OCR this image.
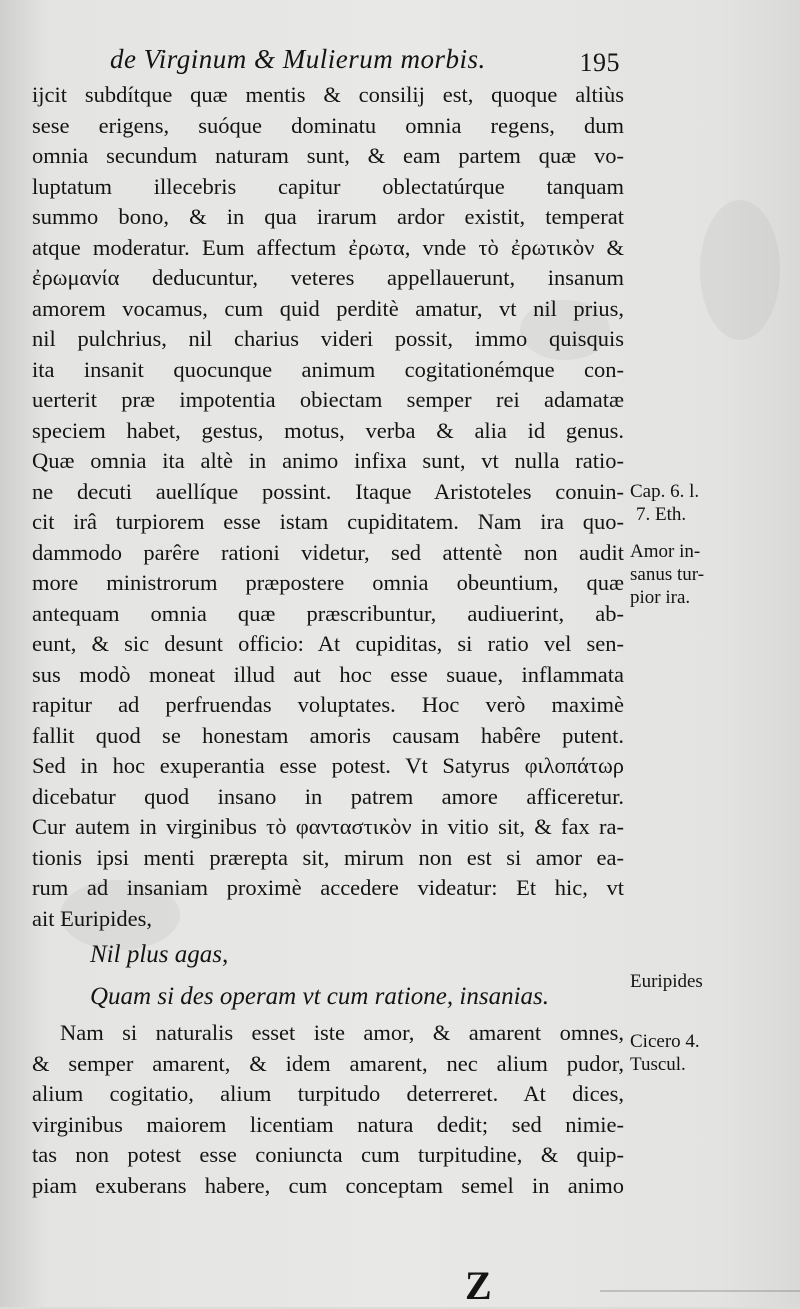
de Virginum & Mulierum morbis.	195
ijcit subdítque quæ mentis & consilij est, quoque altiùs
sese erigens, suóque dominatu omnia regens, dum
omnia secundum naturam sunt, & eam partem quæ vo-
luptatum illecebris capitur oblectatúrque tanquam
summo bono, & in qua irarum ardor existit, temperat
atque moderatur. Eum affectum ἐρωτα, vnde τὸ ἐρωτικὸν &
ἐρωμανία deducuntur, veteres appellauerunt, insanum
amorem vocamus, cum quid perditè amatur, vt nil prius,
nil pulchrius, nil charius videri possit, immo quisquis
ita insanit quocunque animum cogitationémque con-
uerterit præ impotentia obiectam semper rei adamatæ
speciem habet, gestus, motus, verba & alia id genus.
Quæ omnia ita altè in animo infixa sunt, vt nulla ratio-
ne decuti auellíque possint. Itaque Aristoteles conuin-
cit irâ turpiorem esse istam cupiditatem. Nam ira quo-
dammodo parêre rationi videtur, sed attentè non audit
more ministrorum præpostere omnia obeuntium, quæ
antequam omnia quæ præscribuntur, audiuerint, ab-
eunt, & sic desunt officio: At cupiditas, si ratio vel sen-
sus modò moneat illud aut hoc esse suaue, inflammata
rapitur ad perfruendas voluptates. Hoc verò maximè
fallit quod se honestam amoris causam habêre putent.
Sed in hoc exuperantia esse potest. Vt Satyrus φιλοπάτωρ
dicebatur quod insano in patrem amore afficeretur.
Cur autem in virginibus τὸ φανταστικὸν in vitio sit, & fax ra-
tionis ipsi menti prærepta sit, mirum non est si amor ea-
rum ad insaniam proximè accedere videatur: Et hic, vt
ait Euripides,
Nil plus agas,
Quam si des operam vt cum ratione, insanias.
Nam si naturalis esset iste amor, & amarent omnes,
& semper amarent, & idem amarent, nec alium pudor,
alium cogitatio, alium turpitudo deterreret. At dices,
virginibus maiorem licentiam natura dedit; sed nimie-
tas non potest esse coniuncta cum turpitudine, & quip-
piam exuberans habere, cum conceptam semel in animo
Cap. 6. l.
7. Eth.
Amor in-
sanus tur-
pior ira.
Euripides
Cicero 4.
Tuscul.
Z
